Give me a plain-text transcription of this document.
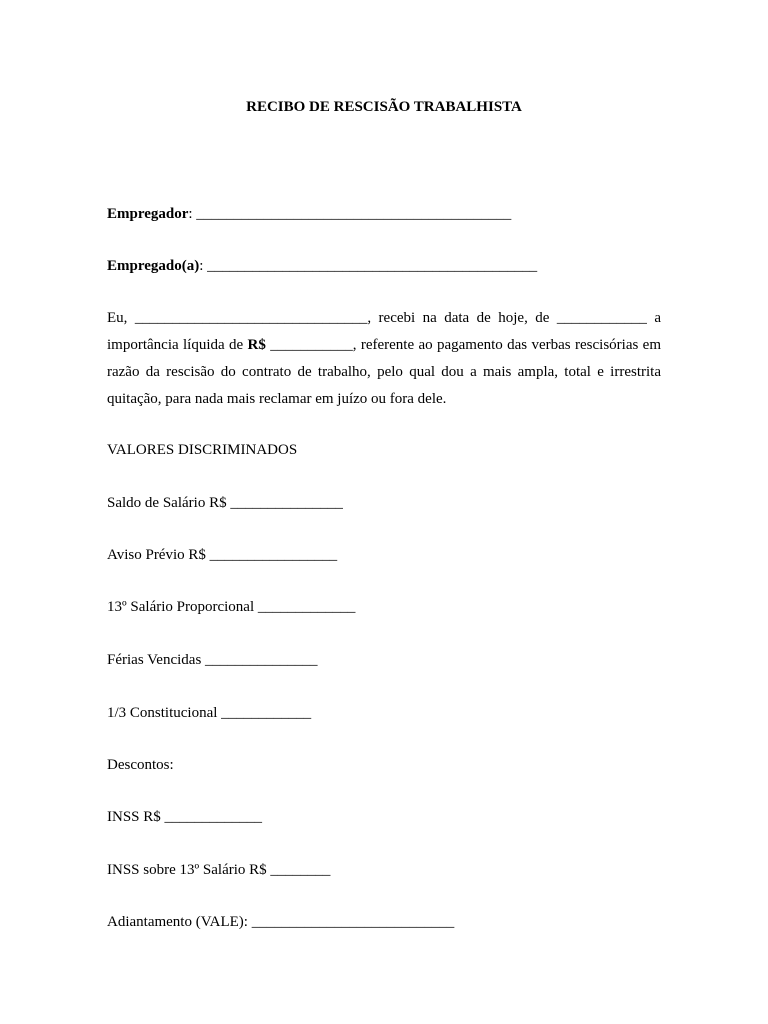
RECIBO DE RESCISÃO TRABALHISTA
Empregador: __________________________________________
Empregado(a): ____________________________________________
Eu, _______________________________, recebi na data de hoje, de ____________ a
importância líquida de R$ ___________, referente ao pagamento das verbas rescisórias em
razão da rescisão do contrato de trabalho, pelo qual dou a mais ampla, total e irrestrita
quitação, para nada mais reclamar em juízo ou fora dele.
VALORES DISCRIMINADOS
Saldo de Salário R$ _______________
Aviso Prévio R$ _________________
13º Salário Proporcional _____________
Férias Vencidas _______________
1/3 Constitucional ____________
Descontos:
INSS R$ _____________
INSS sobre 13º Salário R$ ________
Adiantamento (VALE): ___________________________
